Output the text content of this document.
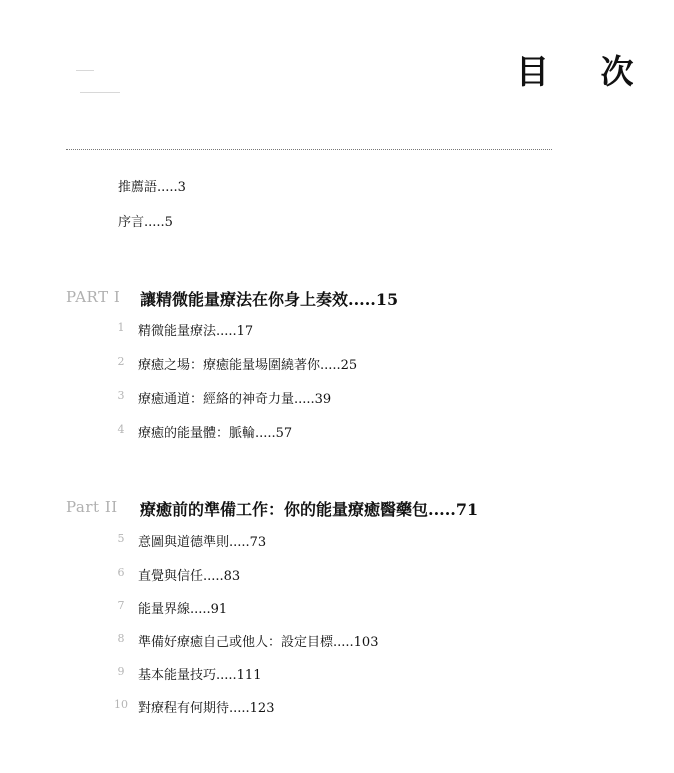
目 次
推薦語.....3
序言.....5
PART I 讓精微能量療法在你身上奏效.....15
1 精微能量療法.....17
2 療癒之場：療癒能量場圍繞著你.....25
3 療癒通道：經絡的神奇力量.....39
4 療癒的能量體：脈輪.....57
Part II 療癒前的準備工作：你的能量療癒醫藥包.....71
5 意圖與道德準則.....73
6 直覺與信任.....83
7 能量界線.....91
8 準備好療癒自己或他人：設定目標.....103
9 基本能量技巧.....111
10 對療程有何期待.....123
